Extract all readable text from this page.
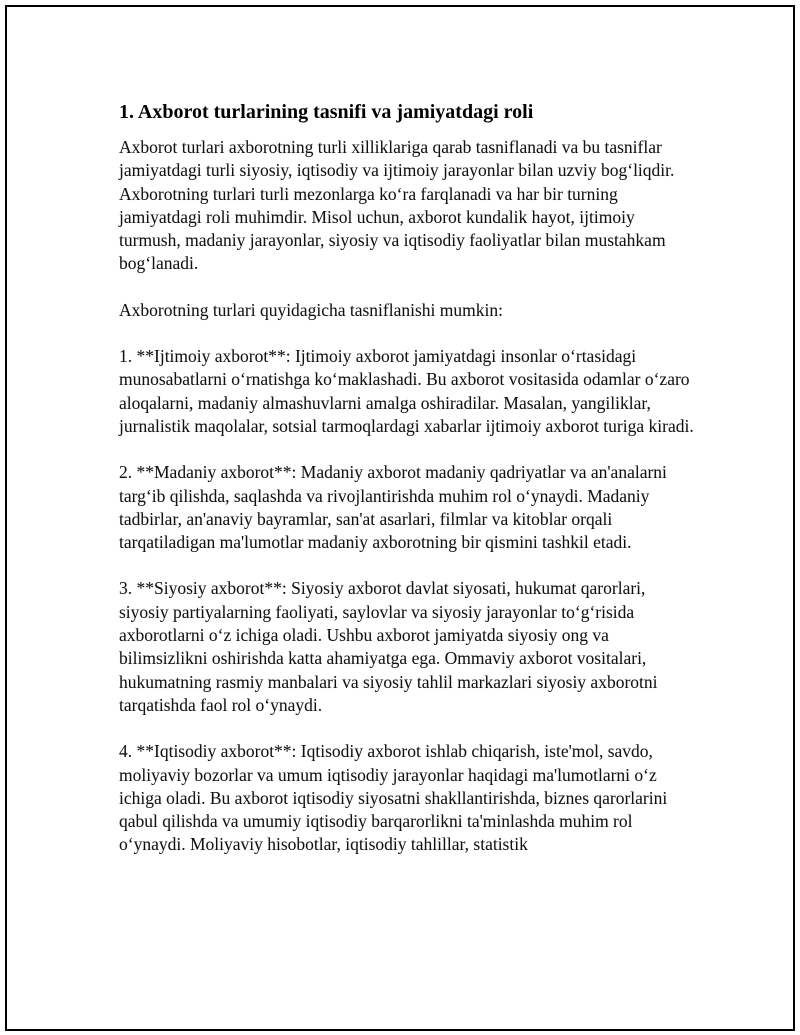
1. Axborot turlarining tasnifi va jamiyatdagi roli

Axborot turlari axborotning turli xilliklariga qarab tasniflanadi va bu tasniflar jamiyatdagi turli siyosiy, iqtisodiy va ijtimoiy jarayonlar bilan uzviy bog‘liqdir. Axborotning turlari turli mezonlarga ko‘ra farqlanadi va har bir turning jamiyatdagi roli muhimdir. Misol uchun, axborot kundalik hayot, ijtimoiy turmush, madaniy jarayonlar, siyosiy va iqtisodiy faoliyatlar bilan mustahkam bog‘lanadi.

Axborotning turlari quyidagicha tasniflanishi mumkin:

1. **Ijtimoiy axborot**: Ijtimoiy axborot jamiyatdagi insonlar o‘rtasidagi munosabatlarni o‘rnatishga ko‘maklashadi. Bu axborot vositasida odamlar o‘zaro aloqalarni, madaniy almashuvlarni amalga oshiradilar. Masalan, yangiliklar, jurnalistik maqolalar, sotsial tarmoqlardagi xabarlar ijtimoiy axborot turiga kiradi.

2. **Madaniy axborot**: Madaniy axborot madaniy qadriyatlar va an'analarni targ‘ib qilishda, saqlashda va rivojlantirishda muhim rol o‘ynaydi. Madaniy tadbirlar, an'anaviy bayramlar, san'at asarlari, filmlar va kitoblar orqali tarqatiladigan ma'lumotlar madaniy axborotning bir qismini tashkil etadi.

3. **Siyosiy axborot**: Siyosiy axborot davlat siyosati, hukumat qarorlari, siyosiy partiyalarning faoliyati, saylovlar va siyosiy jarayonlar to‘g‘risida axborotlarni o‘z ichiga oladi. Ushbu axborot jamiyatda siyosiy ong va bilimsizlikni oshirishda katta ahamiyatga ega. Ommaviy axborot vositalari, hukumatning rasmiy manbalari va siyosiy tahlil markazlari siyosiy axborotni tarqatishda faol rol o‘ynaydi.

4. **Iqtisodiy axborot**: Iqtisodiy axborot ishlab chiqarish, iste'mol, savdo, moliyaviy bozorlar va umum iqtisodiy jarayonlar haqidagi ma'lumotlarni o‘z ichiga oladi. Bu axborot iqtisodiy siyosatni shakllantirishda, biznes qarorlarini qabul qilishda va umumiy iqtisodiy barqarorlikni ta'minlashda muhim rol o‘ynaydi. Moliyaviy hisobotlar, iqtisodiy tahlillar, statistik
